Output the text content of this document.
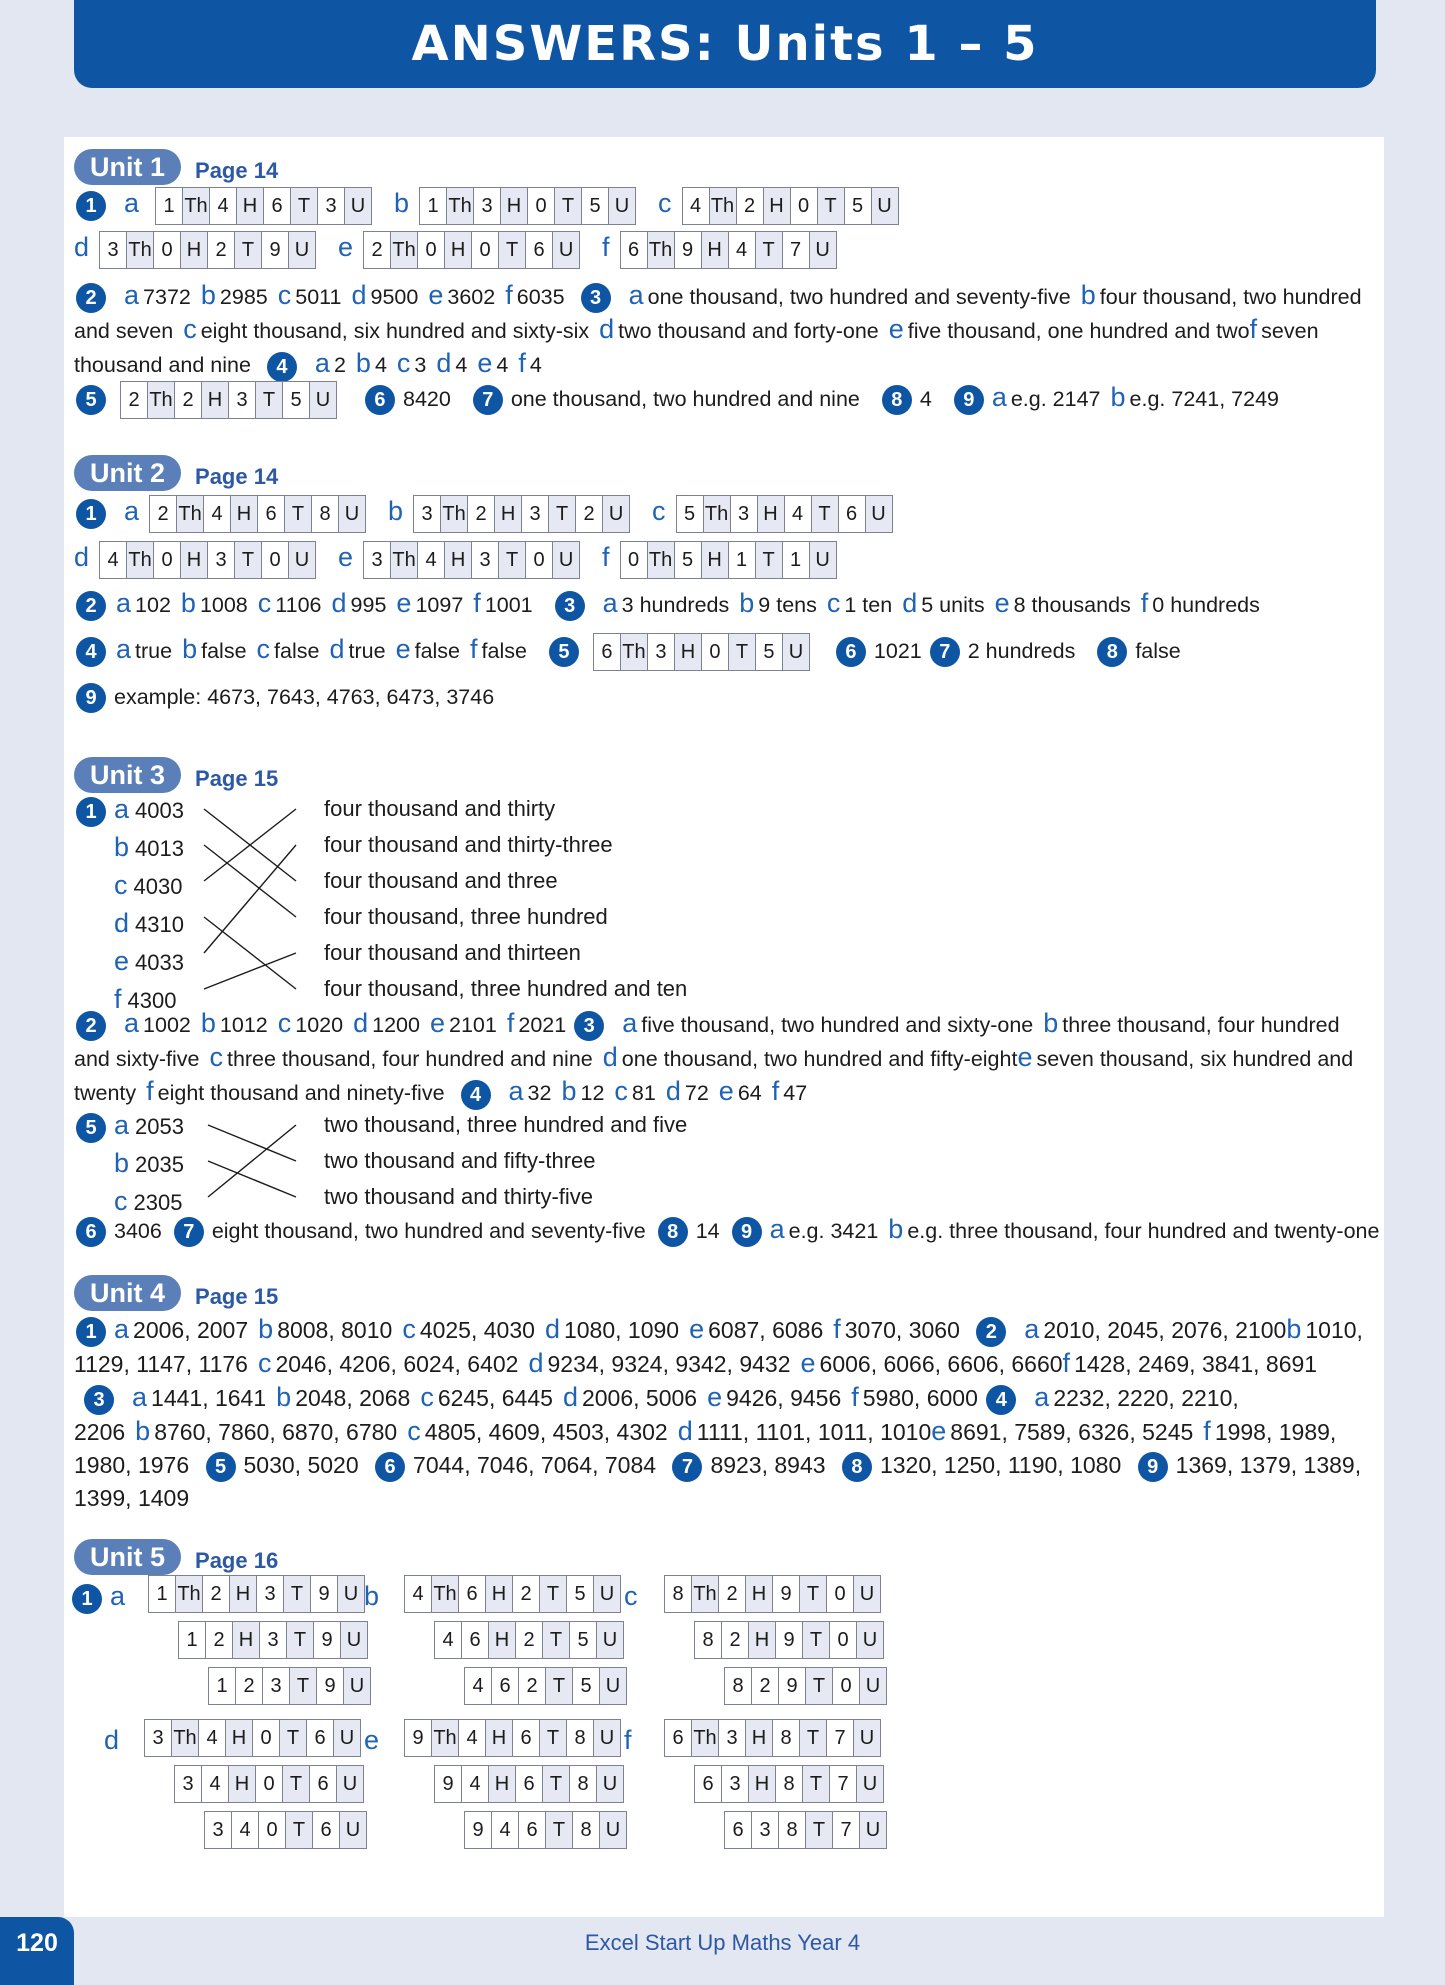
ANSWERS: Units 1 – 5
Unit 1	Page 14
1 a	1 Th 4 H 6 T 3 U b 1 Th 3 H 0 T 5 U c 4 Th 2 H 0 T 5 U
d 3 Th 0 H 2 T 9 U e 2 Th 0 H 0 T 6 U f 6 Th 9 H 4 T 7 U
2 a 7372 b 2985 c 5011 d 9500 e 3602 f 6035 3 a one thousand, two hundred and seventy-five b four thousand, two hundred and seven c eight thousand, six hundred and sixty-six d two thousand and forty-one e five thousand, one hundred and twof seven thousand and nine 4 a 2 b 4 c 3 d 4 e 4 f 4
5	2 Th 2 H 3 T 5 U 6 8420 7 one thousand, two hundred and nine 8 4 9 a e.g. 2147 b e.g. 7241, 7249
Unit 2	Page 14
1 a 2 Th 4 H 6 T 8 U b 3 Th 2 H 3 T 2 U c 5 Th 3 H 4 T 6 U
d 4 Th 0 H 3 T 0 U e 3 Th 4 H 3 T 0 U f 0 Th 5 H 1 T 1 U
2 a 102 b 1008 c 1106 d 995 e 1097 f 1001 3 a 3 hundreds b 9 tens c 1 ten d 5 units e 8 thousands f 0 hundreds
4 a true b false c false d true e false f false 5	6 Th 3 H 0 T 5 U 6 1021 7 2 hundreds 8 false
9 example: 4673, 7643, 4763, 6473, 3746
Unit 3	Page 15
1 a 4003
b 4013
c 4030
d 4310
e 4033
f 4300
four thousand and thirty
four thousand and thirty-three
four thousand and three
four thousand, three hundred
four thousand and thirteen
four thousand, three hundred and ten
2 a 1002 b 1012 c 1020 d 1200 e 2101 f 2021 3 a five thousand, two hundred and sixty-one b three thousand, four hundred and sixty-five c three thousand, four hundred and nine d one thousand, two hundred and fifty-eighte seven thousand, six hundred and twenty f eight thousand and ninety-five 4 a 32 b 12 c 81 d 72 e 64 f 47
5 a 2053
b 2035
c 2305
two thousand, three hundred and five
two thousand and fifty-three
two thousand and thirty-five
6 3406 7 eight thousand, two hundred and seventy-five 8 14 9 a e.g. 3421 b e.g. three thousand, four hundred and twenty-one
Unit 4	Page 15
1 a 2006, 2007 b 8008, 8010 c 4025, 4030 d 1080, 1090 e 6087, 6086 f 3070, 3060 2 a 2010, 2045, 2076, 2100b 1010, 1129, 1147, 1176 c 2046, 4206, 6024, 6402 d 9234, 9324, 9342, 9432 e 6006, 6066, 6606, 6660f 1428, 2469, 3841, 8691 3 a 1441, 1641 b 2048, 2068 c 6245, 6445 d 2006, 5006 e 9426, 9456 f 5980, 6000 4 a 2232, 2220, 2210, 2206 b 8760, 7860, 6870, 6780 c 4805, 4609, 4503, 4302 d 1111, 1101, 1011, 1010e 8691, 7589, 6326, 5245 f 1998, 1989, 1980, 1976 5 5030, 5020 6 7044, 7046, 7064, 7084 7 8923, 8943 8 1320, 1250, 1190, 1080 9 1369, 1379, 1389, 1399, 1409
Unit 5	Page 16
1 a	1 Th 2 H 3 T 9 U
1 2 H 3 T 9 U
1 2 3 T 9 U
b	4 Th 6 H 2 T 5 U
4 6 H 2 T 5 U
4 6 2 T 5 U
c	8 Th 2 H 9 T 0 U
8 2 H 9 T 0 U
8 2 9 T 0 U
d	3 Th 4 H 0 T 6 U
3 4 H 0 T 6 U
3 4 0 T 6 U
e	9 Th 4 H 6 T 8 U
9 4 H 6 T 8 U
9 4 6 T 8 U
f	6 Th 3 H 8 T 7 U
6 3 H 8 T 7 U
6 3 8 T 7 U
120	Excel Start Up Maths Year 4
